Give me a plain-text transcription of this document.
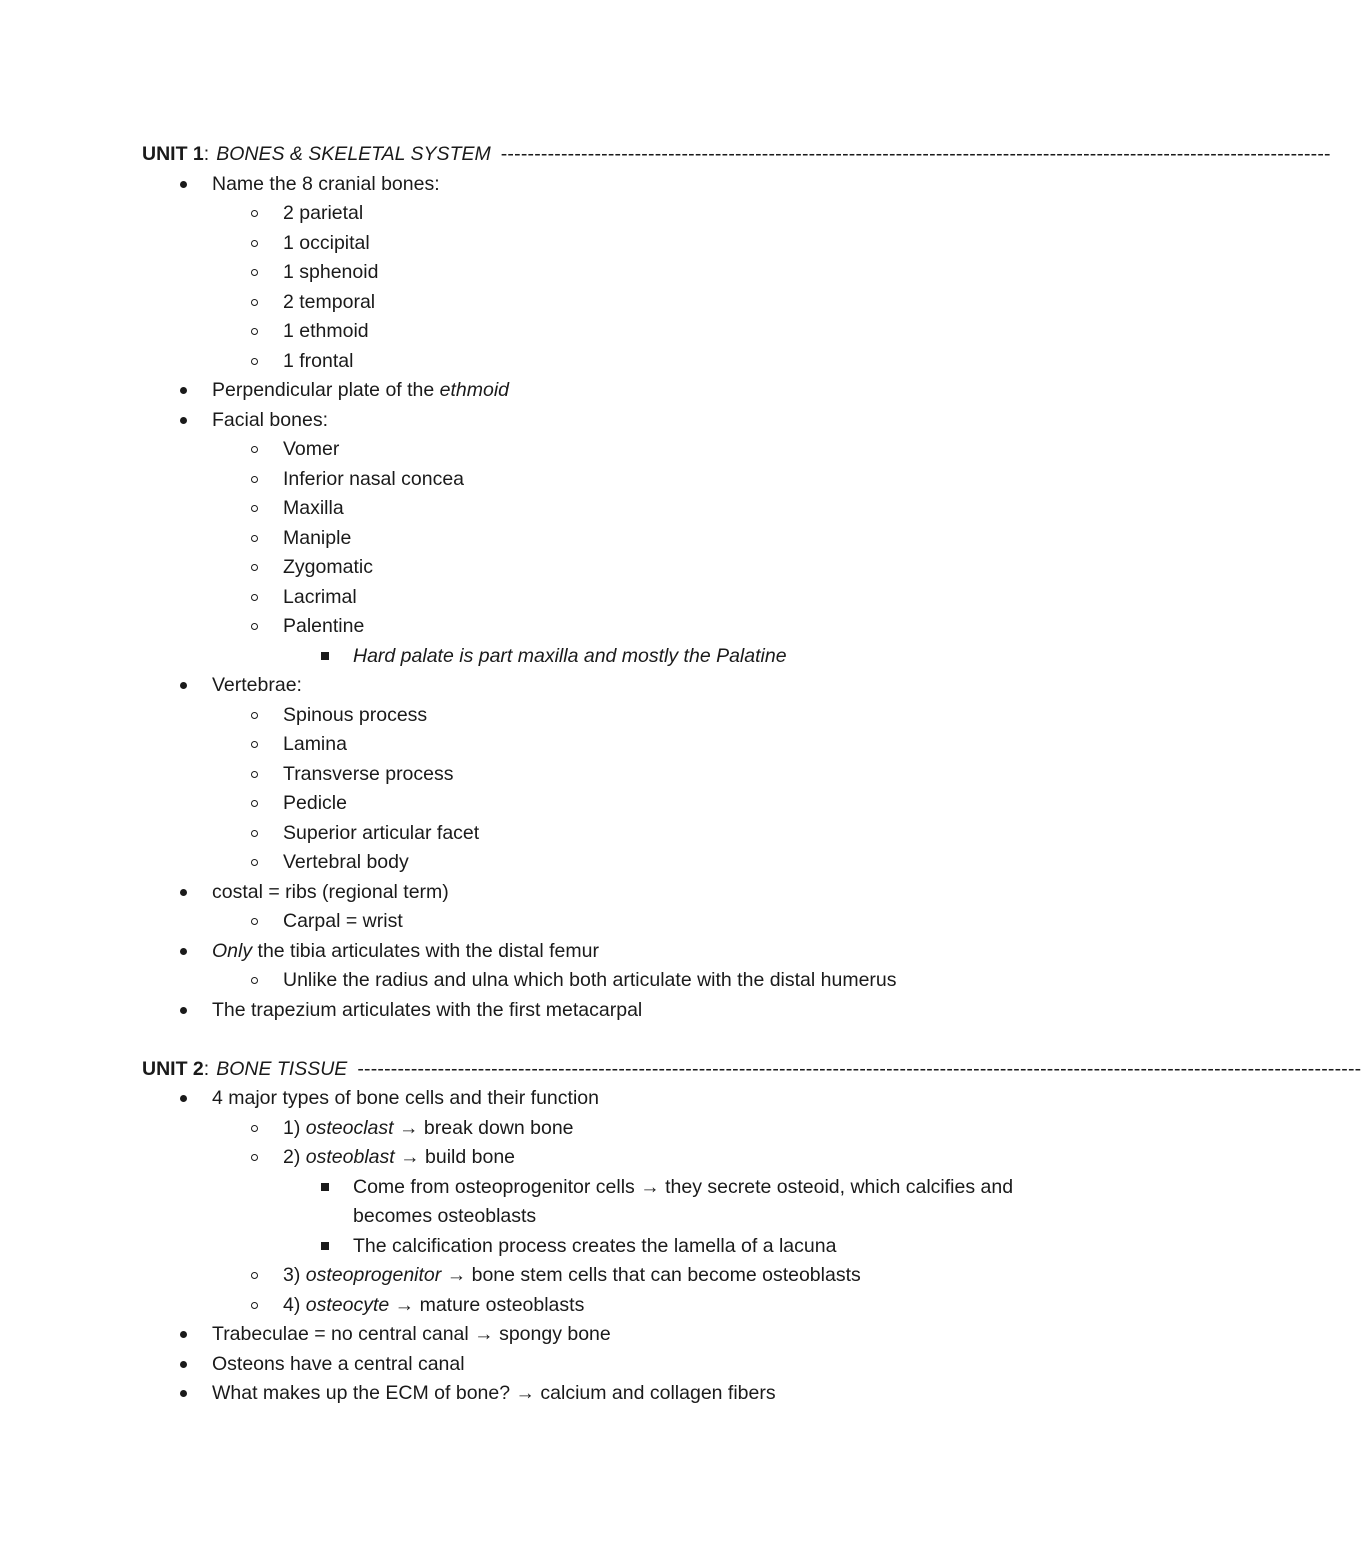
UNIT 1 : BONES & SKELETAL SYSTEM ----------------------------------------------------------------------------------------------------------------------------
Name the 8 cranial bones:
2 parietal
1 occipital
1 sphenoid
2 temporal
1 ethmoid
1 frontal
Perpendicular plate of the ethmoid
Facial bones:
Vomer
Inferior nasal concea
Maxilla
Maniple
Zygomatic
Lacrimal
Palentine
Hard palate is part maxilla and mostly the Palatine
Vertebrae:
Spinous process
Lamina
Transverse process
Pedicle
Superior articular facet
Vertebral body
costal = ribs (regional term)
Carpal = wrist
Only the tibia articulates with the distal femur
Unlike the radius and ulna which both articulate with the distal humerus
The trapezium articulates with the first metacarpal
UNIT 2 : BONE TISSUE ------------------------------------------------------------------------------------------------------------------------------------------------------
4 major types of bone cells and their function
1) osteoclast → break down bone
2) osteoblast → build bone
Come from osteoprogenitor cells → they secrete osteoid, which calcifies and becomes osteoblasts
The calcification process creates the lamella of a lacuna
3) osteoprogenitor → bone stem cells that can become osteoblasts
4) osteocyte → mature osteoblasts
Trabeculae = no central canal → spongy bone
Osteons have a central canal
What makes up the ECM of bone? → calcium and collagen fibers
